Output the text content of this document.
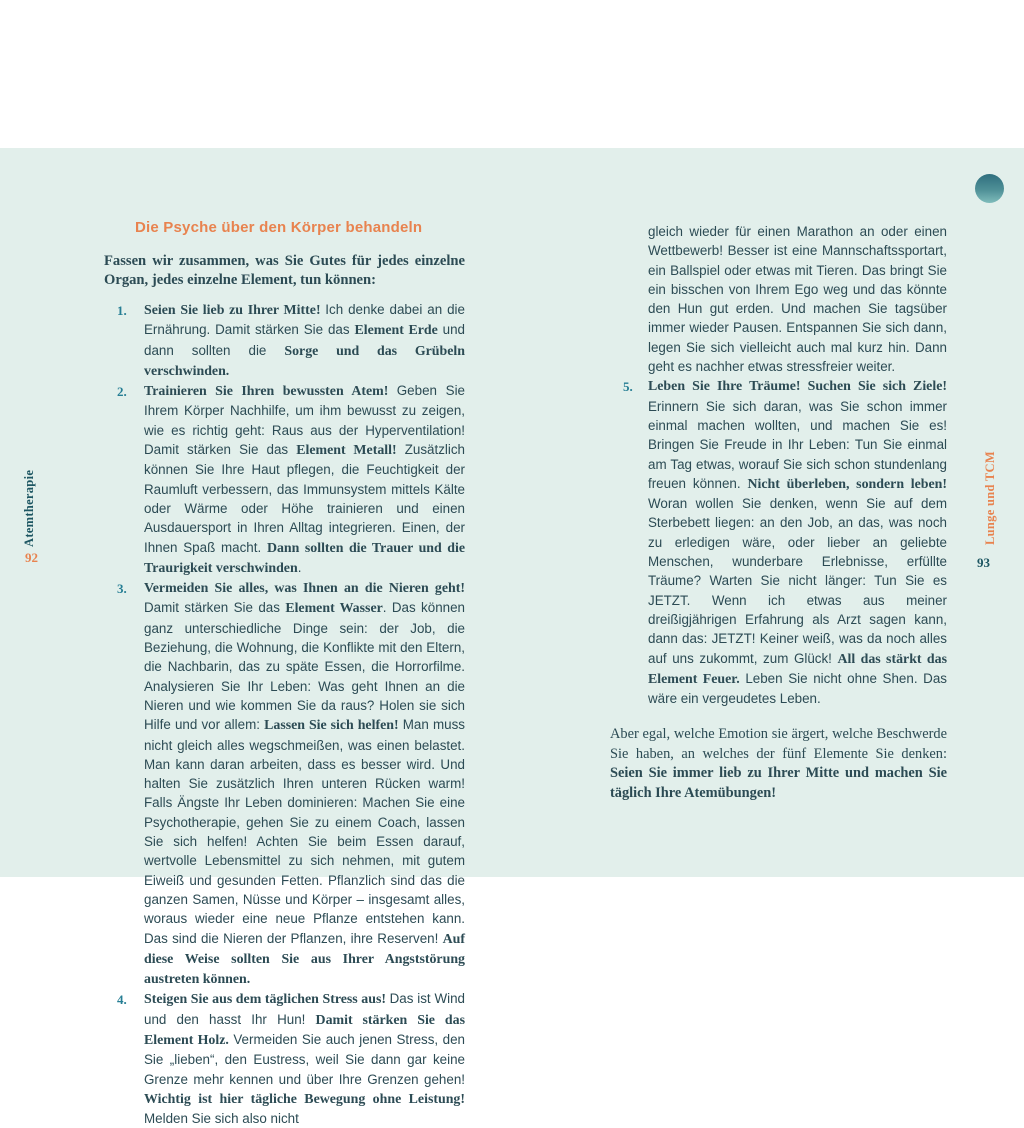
Atemtherapie
92
Lunge und TCM
93
Die Psyche über den Körper behandeln

Fassen wir zusammen, was Sie Gutes für jedes einzelne Organ, jedes einzelne Element, tun können:

1. Seien Sie lieb zu Ihrer Mitte! Ich denke dabei an die Ernährung. Damit stärken Sie das Element Erde und dann sollten die Sorge und das Grübeln verschwinden.
2. Trainieren Sie Ihren bewussten Atem! Geben Sie Ihrem Körper Nachhilfe, um ihm bewusst zu zeigen, wie es richtig geht: Raus aus der Hyperventilation! Damit stärken Sie das Element Metall! Zusätzlich können Sie Ihre Haut pflegen, die Feuchtigkeit der Raumluft verbessern, das Immunsystem mittels Kälte oder Wärme oder Höhe trainieren und einen Ausdauersport in Ihren Alltag integrieren. Einen, der Ihnen Spaß macht. Dann sollten die Trauer und die Traurigkeit verschwinden.
3. Vermeiden Sie alles, was Ihnen an die Nieren geht! Damit stärken Sie das Element Wasser. Das können ganz unterschiedliche Dinge sein: der Job, die Beziehung, die Wohnung, die Konflikte mit den Eltern, die Nachbarin, das zu späte Essen, die Horrorfilme. Analysieren Sie Ihr Leben: Was geht Ihnen an die Nieren und wie kommen Sie da raus? Holen sie sich Hilfe und vor allem: Lassen Sie sich helfen! Man muss nicht gleich alles wegschmeißen, was einen belastet. Man kann daran arbeiten, dass es besser wird. Und halten Sie zusätzlich Ihren unteren Rücken warm! Falls Ängste Ihr Leben dominieren: Machen Sie eine Psychotherapie, gehen Sie zu einem Coach, lassen Sie sich helfen! Achten Sie beim Essen darauf, wertvolle Lebensmittel zu sich nehmen, mit gutem Eiweiß und gesunden Fetten. Pflanzlich sind das die ganzen Samen, Nüsse und Körper – insgesamt alles, woraus wieder eine neue Pflanze entstehen kann. Das sind die Nieren der Pflanzen, ihre Reserven! Auf diese Weise sollten Sie aus Ihrer Angststörung austreten können.
4. Steigen Sie aus dem täglichen Stress aus! Das ist Wind und den hasst Ihr Hun! Damit stärken Sie das Element Holz. Vermeiden Sie auch jenen Stress, den Sie „lieben“, den Eustress, weil Sie dann gar keine Grenze mehr kennen und über Ihre Grenzen gehen! Wichtig ist hier tägliche Bewegung ohne Leistung! Melden Sie sich also nicht

gleich wieder für einen Marathon an oder einen Wettbewerb! Besser ist eine Mannschaftssportart, ein Ballspiel oder etwas mit Tieren. Das bringt Sie ein bisschen von Ihrem Ego weg und das könnte den Hun gut erden. Und machen Sie tagsüber immer wieder Pausen. Entspannen Sie sich dann, legen Sie sich vielleicht auch mal kurz hin. Dann geht es nachher etwas stressfreier weiter.

5. Leben Sie Ihre Träume! Suchen Sie sich Ziele! Erinnern Sie sich daran, was Sie schon immer einmal machen wollten, und machen Sie es! Bringen Sie Freude in Ihr Leben: Tun Sie einmal am Tag etwas, worauf Sie sich schon stundenlang freuen können. Nicht überleben, sondern leben! Woran wollen Sie denken, wenn Sie auf dem Sterbebett liegen: an den Job, an das, was noch zu erledigen wäre, oder lieber an geliebte Menschen, wunderbare Erlebnisse, erfüllte Träume? Warten Sie nicht länger: Tun Sie es JETZT. Wenn ich etwas aus meiner dreißigjährigen Erfahrung als Arzt sagen kann, dann das: JETZT! Keiner weiß, was da noch alles auf uns zukommt, zum Glück! All das stärkt das Element Feuer. Leben Sie nicht ohne Shen. Das wäre ein vergeudetes Leben.

Aber egal, welche Emotion sie ärgert, welche Beschwerde Sie haben, an welches der fünf Elemente Sie denken: Seien Sie immer lieb zu Ihrer Mitte und machen Sie täglich Ihre Atemübungen!
